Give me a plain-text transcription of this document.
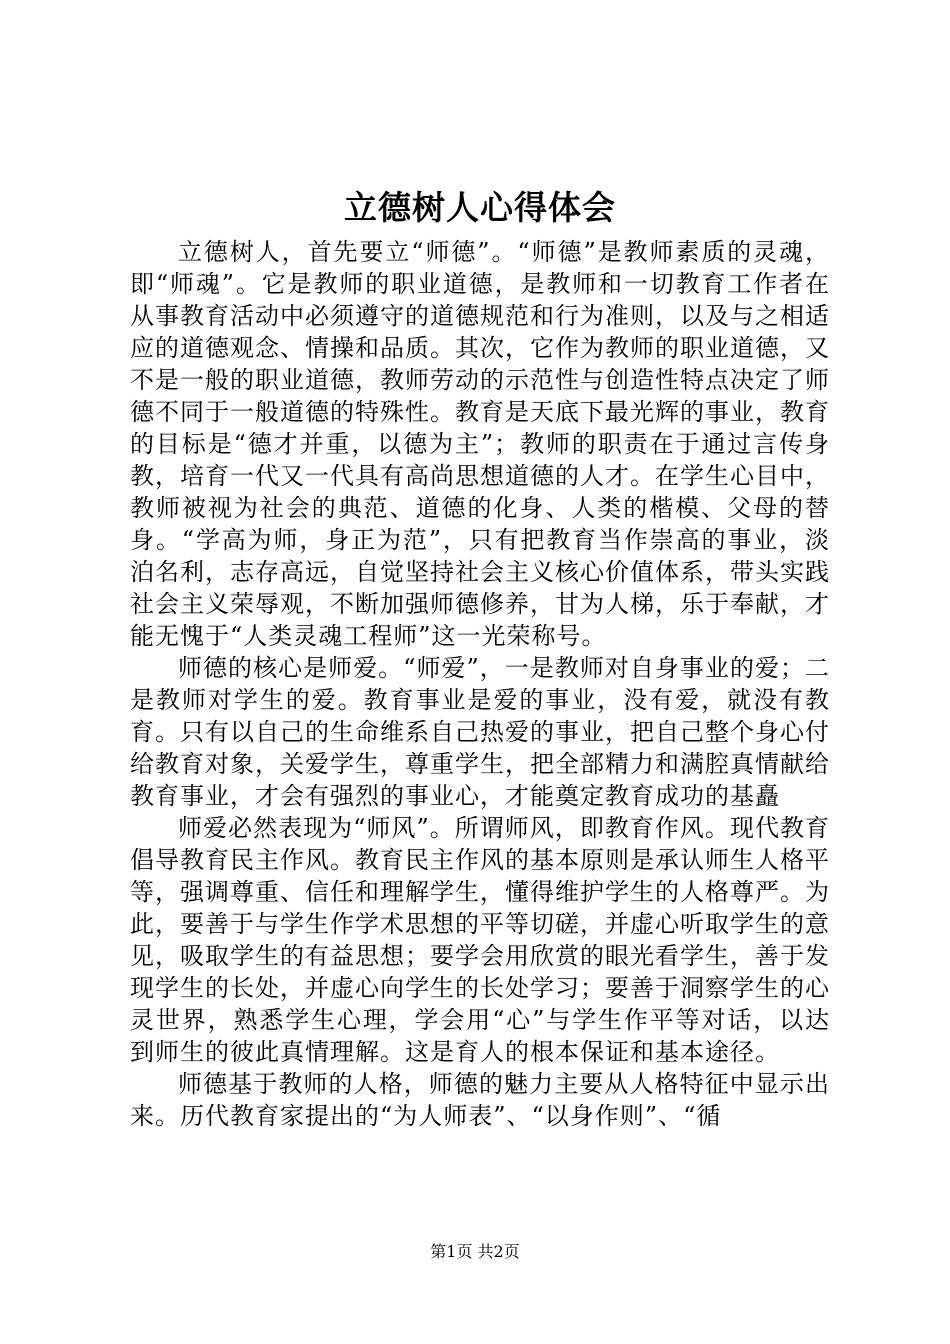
立德树人心得体会

立德树人，首先要立“师德”。“师德”是教师素质的灵魂，即“师魂”。它是教师的职业道德，是教师和一切教育工作者在从事教育活动中必须遵守的道德规范和行为准则，以及与之相适应的道德观念、情操和品质。其次，它作为教师的职业道德，又不是一般的职业道德，教师劳动的示范性与创造性特点决定了师德不同于一般道德的特殊性。教育是天底下最光辉的事业，教育的目标是“德才并重，以德为主”；教师的职责在于通过言传身教，培育一代又一代具有高尚思想道德的人才。在学生心目中，教师被视为社会的典范、道德的化身、人类的楷模、父母的替身。“学高为师，身正为范”，只有把教育当作崇高的事业，淡泊名利，志存高远，自觉坚持社会主义核心价值体系，带头实践社会主义荣辱观，不断加强师德修养，甘为人梯，乐于奉献，才能无愧于“人类灵魂工程师”这一光荣称号。

师德的核心是师爱。“师爱”，一是教师对自身事业的爱；二是教师对学生的爱。教育事业是爱的事业，没有爱，就没有教育。只有以自己的生命维系自己热爱的事业，把自己整个身心付给教育对象，关爱学生，尊重学生，把全部精力和满腔真情献给教育事业，才会有强烈的事业心，才能奠定教育成功的基矗

师爱必然表现为“师风”。所谓师风，即教育作风。现代教育倡导教育民主作风。教育民主作风的基本原则是承认师生人格平等，强调尊重、信任和理解学生，懂得维护学生的人格尊严。为此，要善于与学生作学术思想的平等切磋，并虚心听取学生的意见，吸取学生的有益思想；要学会用欣赏的眼光看学生，善于发现学生的长处，并虚心向学生的长处学习；要善于洞察学生的心灵世界，熟悉学生心理，学会用“心”与学生作平等对话，以达到师生的彼此真情理解。这是育人的根本保证和基本途径。

师德基于教师的人格，师德的魅力主要从人格特征中显示出来。历代教育家提出的“为人师表”、“以身作则”、“循

第1页 共2页
